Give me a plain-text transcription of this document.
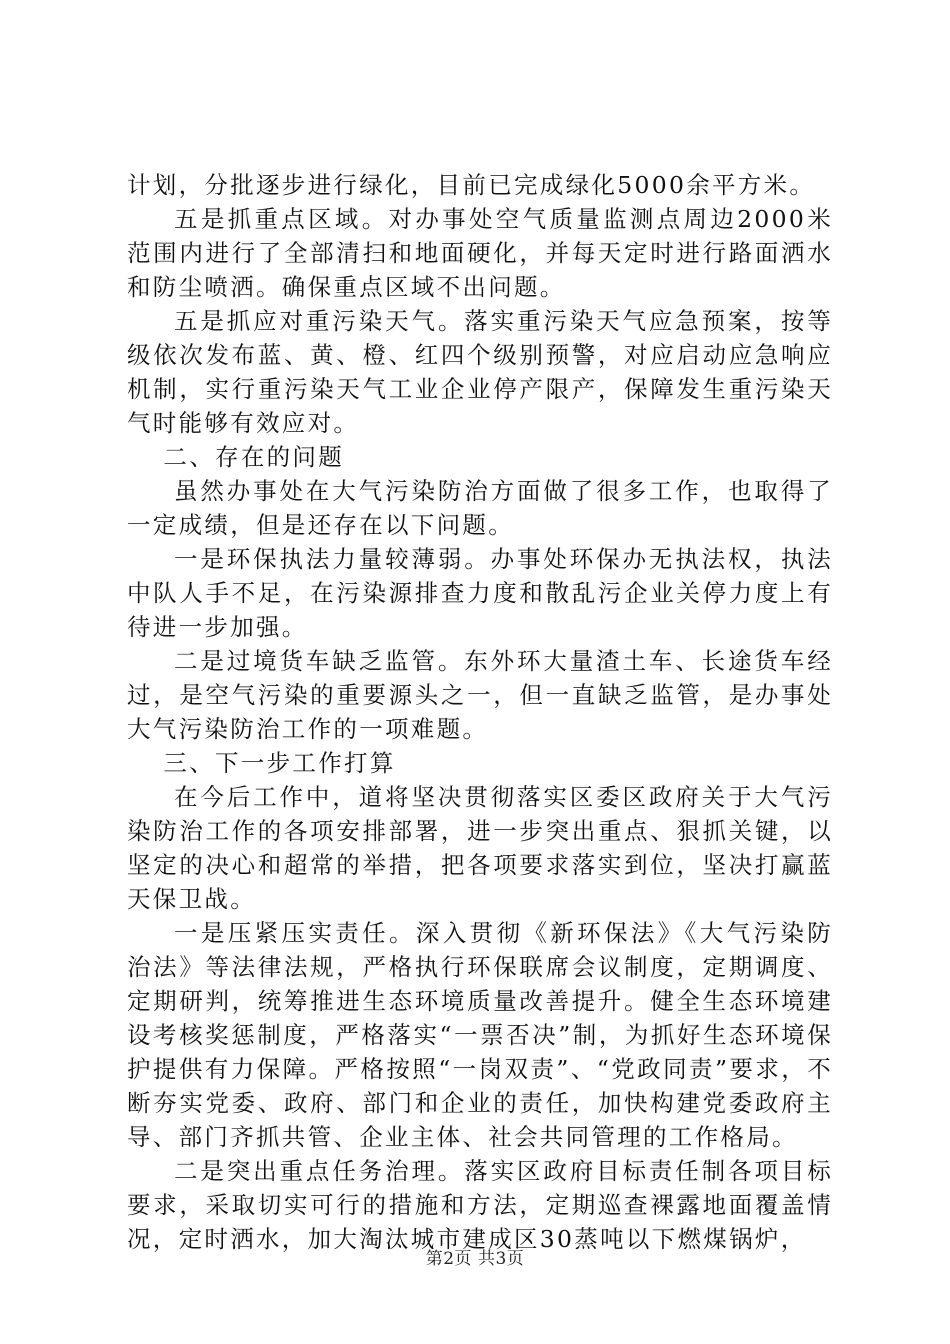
计划，分批逐步进行绿化，目前已完成绿化5000余平方米。

五是抓重点区域。对办事处空气质量监测点周边2000米范围内进行了全部清扫和地面硬化，并每天定时进行路面洒水和防尘喷洒。确保重点区域不出问题。

五是抓应对重污染天气。落实重污染天气应急预案，按等级依次发布蓝、黄、橙、红四个级别预警，对应启动应急响应机制，实行重污染天气工业企业停产限产，保障发生重污染天气时能够有效应对。

二、存在的问题

虽然办事处在大气污染防治方面做了很多工作，也取得了一定成绩，但是还存在以下问题。

一是环保执法力量较薄弱。办事处环保办无执法权，执法中队人手不足，在污染源排查力度和散乱污企业关停力度上有待进一步加强。

二是过境货车缺乏监管。东外环大量渣土车、长途货车经过，是空气污染的重要源头之一，但一直缺乏监管，是办事处大气污染防治工作的一项难题。

三、下一步工作打算

在今后工作中，道将坚决贯彻落实区委区政府关于大气污染防治工作的各项安排部署，进一步突出重点、狠抓关键，以坚定的决心和超常的举措，把各项要求落实到位，坚决打赢蓝天保卫战。

一是压紧压实责任。深入贯彻《新环保法》《大气污染防治法》等法律法规，严格执行环保联席会议制度，定期调度、定期研判，统筹推进生态环境质量改善提升。健全生态环境建设考核奖惩制度，严格落实“一票否决”制，为抓好生态环境保护提供有力保障。严格按照“一岗双责”、“党政同责”要求，不断夯实党委、政府、部门和企业的责任，加快构建党委政府主导、部门齐抓共管、企业主体、社会共同管理的工作格局。

二是突出重点任务治理。落实区政府目标责任制各项目标要求，采取切实可行的措施和方法，定期巡查裸露地面覆盖情况，定时洒水，加大淘汰城市建成区30蒸吨以下燃煤锅炉，

第2页 共3页
